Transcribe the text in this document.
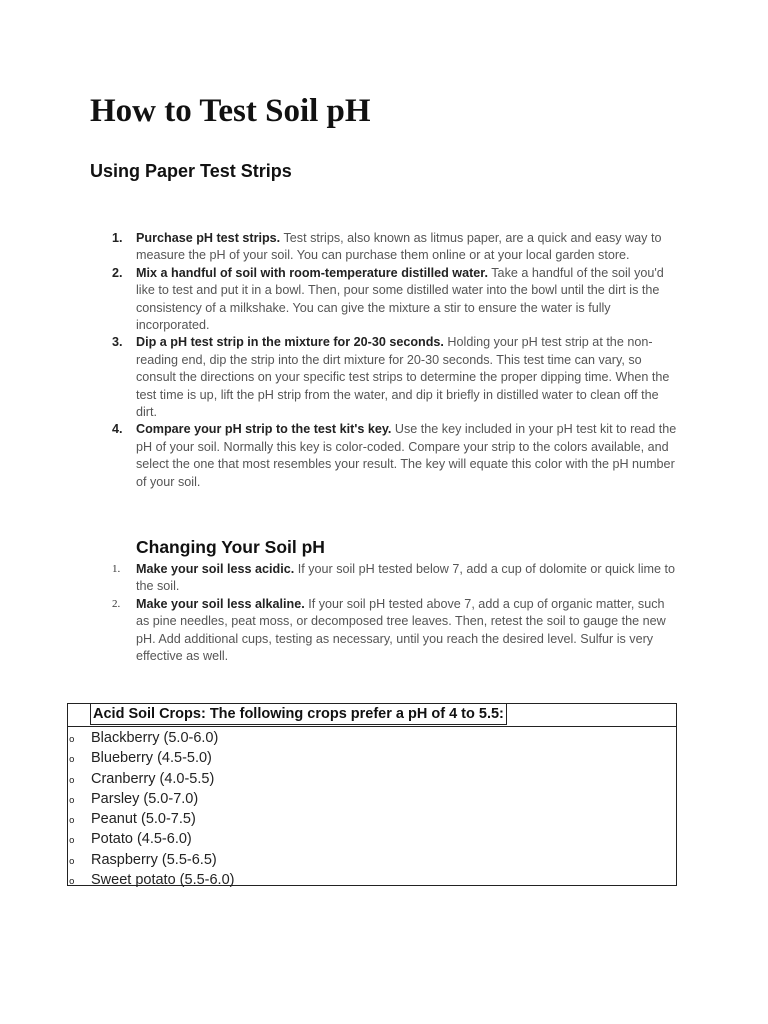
How to Test Soil pH
Using Paper Test Strips
1. Purchase pH test strips. Test strips, also known as litmus paper, are a quick and easy way to measure the pH of your soil. You can purchase them online or at your local garden store.
2. Mix a handful of soil with room-temperature distilled water. Take a handful of the soil you'd like to test and put it in a bowl. Then, pour some distilled water into the bowl until the dirt is the consistency of a milkshake. You can give the mixture a stir to ensure the water is fully incorporated.
3. Dip a pH test strip in the mixture for 20-30 seconds. Holding your pH test strip at the non-reading end, dip the strip into the dirt mixture for 20-30 seconds. This test time can vary, so consult the directions on your specific test strips to determine the proper dipping time. When the test time is up, lift the pH strip from the water, and dip it briefly in distilled water to clean off the dirt.
4. Compare your pH strip to the test kit's key. Use the key included in your pH test kit to read the pH of your soil. Normally this key is color-coded. Compare your strip to the colors available, and select the one that most resembles your result. The key will equate this color with the pH number of your soil.
Changing Your Soil pH
1. Make your soil less acidic. If your soil pH tested below 7, add a cup of dolomite or quick lime to the soil.
2. Make your soil less alkaline. If your soil pH tested above 7, add a cup of organic matter, such as pine needles, peat moss, or decomposed tree leaves. Then, retest the soil to gauge the new pH. Add additional cups, testing as necessary, until you reach the desired level. Sulfur is very effective as well.
Acid Soil Crops: The following crops prefer a pH of 4 to 5.5:
o Blackberry (5.0-6.0)
o Blueberry (4.5-5.0)
o Cranberry (4.0-5.5)
o Parsley (5.0-7.0)
o Peanut (5.0-7.5)
o Potato (4.5-6.0)
o Raspberry (5.5-6.5)
o Sweet potato (5.5-6.0)
